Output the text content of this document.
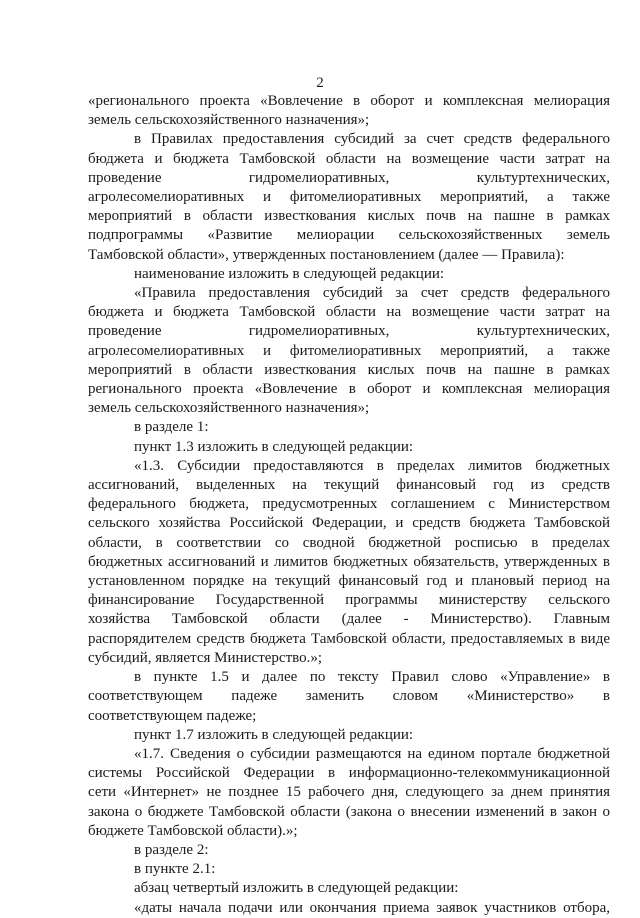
2

«регионального проекта «Вовлечение в оборот и комплексная мелиорация

земель сельскохозяйственного назначения»;

в Правилах предоставления субсидий за счет средств федерального

бюджета и бюджета Тамбовской области на возмещение части затрат на

проведение гидромелиоративных, культуртехнических,

агролесомелиоративных и фитомелиоративных мероприятий, а также

мероприятий в области известкования кислых почв на пашне в рамках

подпрограммы «Развитие мелиорации сельскохозяйственных земель

Тамбовской области», утвержденных постановлением (далее — Правила):

наименование изложить в следующей редакции:

«Правила предоставления субсидий за счет средств федерального

бюджета и бюджета Тамбовской области на возмещение части затрат на

проведение гидромелиоративных, культуртехнических,

агролесомелиоративных и фитомелиоративных мероприятий, а также

мероприятий в области известкования кислых почв на пашне в рамках

регионального проекта «Вовлечение в оборот и комплексная мелиорация

земель сельскохозяйственного назначения»;

в разделе 1:

пункт 1.3 изложить в следующей редакции:

«1.3. Субсидии предоставляются в пределах лимитов бюджетных

ассигнований, выделенных на текущий финансовый год из средств

федерального бюджета, предусмотренных соглашением с Министерством

сельского хозяйства Российской Федерации, и средств бюджета Тамбовской

области, в соответствии со сводной бюджетной росписью в пределах

бюджетных ассигнований и лимитов бюджетных обязательств, утвержденных в

установленном порядке на текущий финансовый год и плановый период на

финансирование Государственной программы министерству сельского

хозяйства Тамбовской области (далее - Министерство). Главным

распорядителем средств бюджета Тамбовской области, предоставляемых в виде

субсидий, является Министерство.»;

в пункте 1.5 и далее по тексту Правил слово «Управление» в

соответствующем падеже заменить словом «Министерство» в

соответствующем падеже;

пункт 1.7 изложить в следующей редакции:

«1.7. Сведения о субсидии размещаются на едином портале бюджетной

системы Российской Федерации в информационно-телекоммуникационной

сети «Интернет» не позднее 15 рабочего дня, следующего за днем принятия

закона о бюджете Тамбовской области (закона о внесении изменений в закон о

бюджете Тамбовской области).»;

в разделе 2:

в пункте 2.1:

абзац четвертый изложить в следующей редакции:

«даты начала подачи или окончания приема заявок участников отбора,
